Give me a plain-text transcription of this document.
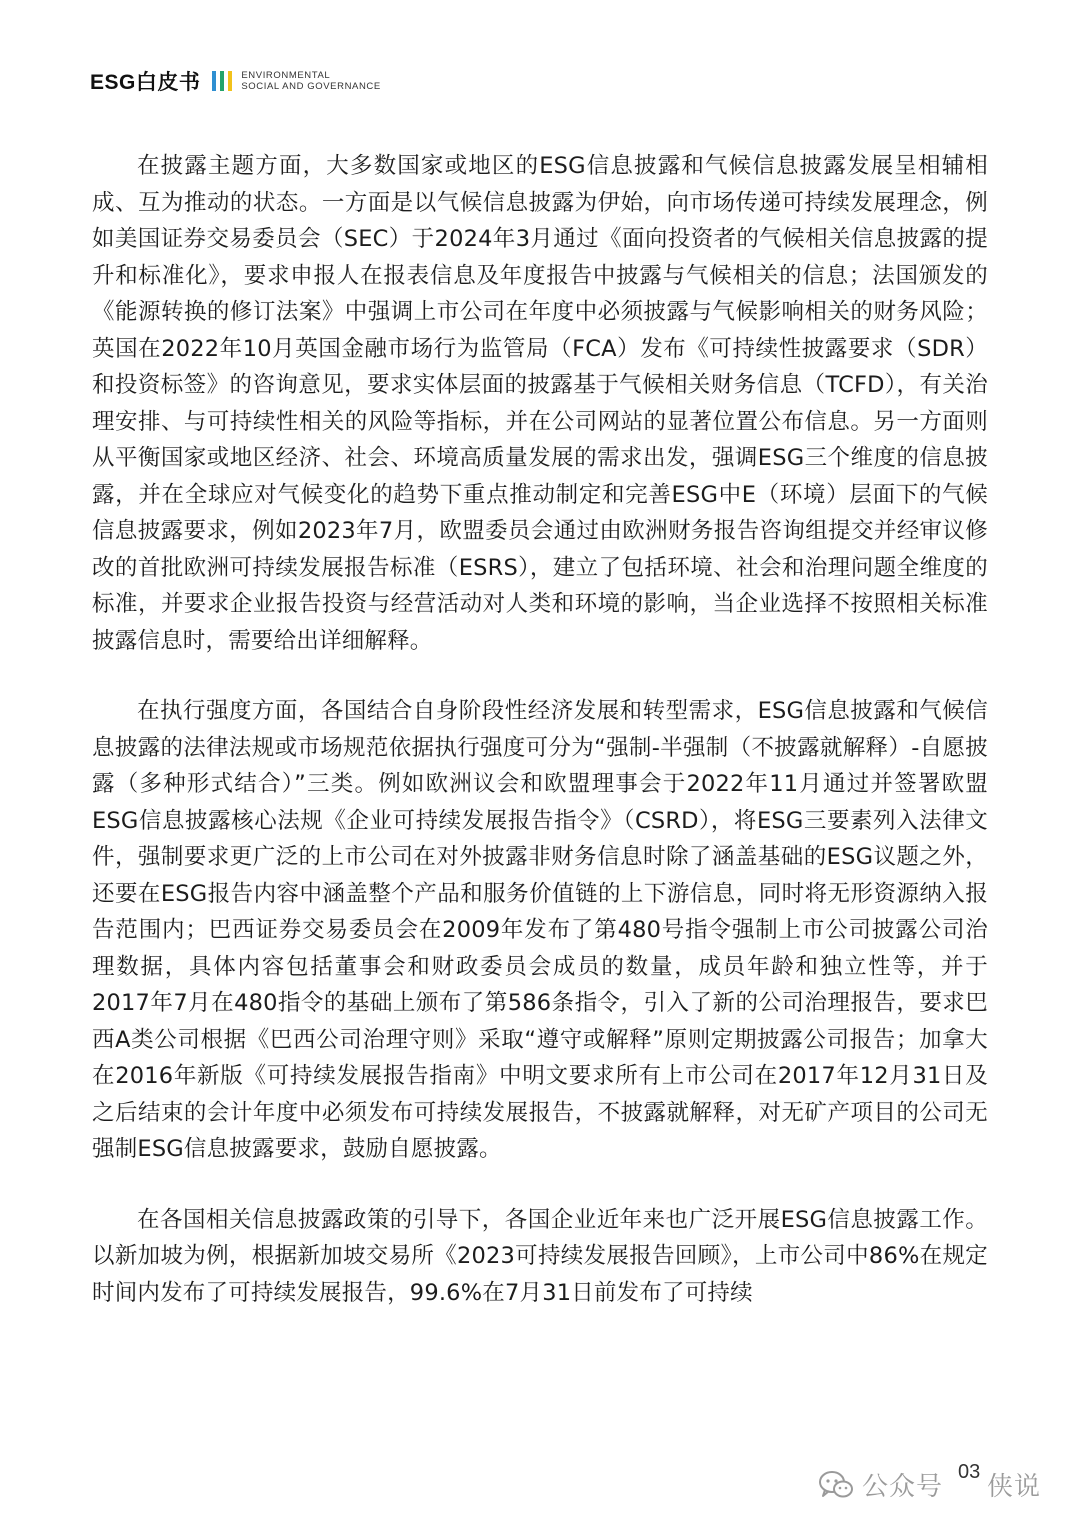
ESG白皮书	ENVIRONMENTAL
SOCIAL AND GOVERNANCE

在披露主题方面，大多数国家或地区的ESG信息披露和气候信息披露发展呈相辅相成、互为推动的状态。一方面是以气候信息披露为伊始，向市场传递可持续发展理念，例如美国证券交易委员会（SEC）于2024年3月通过《面向投资者的气候相关信息披露的提升和标准化》，要求申报人在报表信息及年度报告中披露与气候相关的信息；法国颁发的《能源转换的修订法案》中强调上市公司在年度中必须披露与气候影响相关的财务风险；英国在2022年10月英国金融市场行为监管局（FCA）发布《可持续性披露要求（SDR）和投资标签》的咨询意见，要求实体层面的披露基于气候相关财务信息（TCFD），有关治理安排、与可持续性相关的风险等指标，并在公司网站的显著位置公布信息。另一方面则从平衡国家或地区经济、社会、环境高质量发展的需求出发，强调ESG三个维度的信息披露，并在全球应对气候变化的趋势下重点推动制定和完善ESG中E（环境）层面下的气候信息披露要求，例如2023年7月，欧盟委员会通过由欧洲财务报告咨询组提交并经审议修改的首批欧洲可持续发展报告标准（ESRS），建立了包括环境、社会和治理问题全维度的标准，并要求企业报告投资与经营活动对人类和环境的影响，当企业选择不按照相关标准披露信息时，需要给出详细解释。

在执行强度方面，各国结合自身阶段性经济发展和转型需求，ESG信息披露和气候信息披露的法律法规或市场规范依据执行强度可分为“强制-半强制（不披露就解释）-自愿披露（多种形式结合）”三类。例如欧洲议会和欧盟理事会于2022年11月通过并签署欧盟ESG信息披露核心法规《企业可持续发展报告指令》（CSRD），将ESG三要素列入法律文件，强制要求更广泛的上市公司在对外披露非财务信息时除了涵盖基础的ESG议题之外，还要在ESG报告内容中涵盖整个产品和服务价值链的上下游信息，同时将无形资源纳入报告范围内；巴西证券交易委员会在2009年发布了第480号指令强制上市公司披露公司治理数据，具体内容包括董事会和财政委员会成员的数量，成员年龄和独立性等，并于2017年7月在480指令的基础上颁布了第586条指令，引入了新的公司治理报告，要求巴西A类公司根据《巴西公司治理守则》采取“遵守或解释”原则定期披露公司报告；加拿大在2016年新版《可持续发展报告指南》中明文要求所有上市公司在2017年12月31日及之后结束的会计年度中必须发布可持续发展报告，不披露就解释，对无矿产项目的公司无强制ESG信息披露要求，鼓励自愿披露。

在各国相关信息披露政策的引导下，各国企业近年来也广泛开展ESG信息披露工作。以新加坡为例，根据新加坡交易所《2023可持续发展报告回顾》，上市公司中86%在规定时间内发布了可持续发展报告，99.6%在7月31日前发布了可持续

03
公众号 侠说
